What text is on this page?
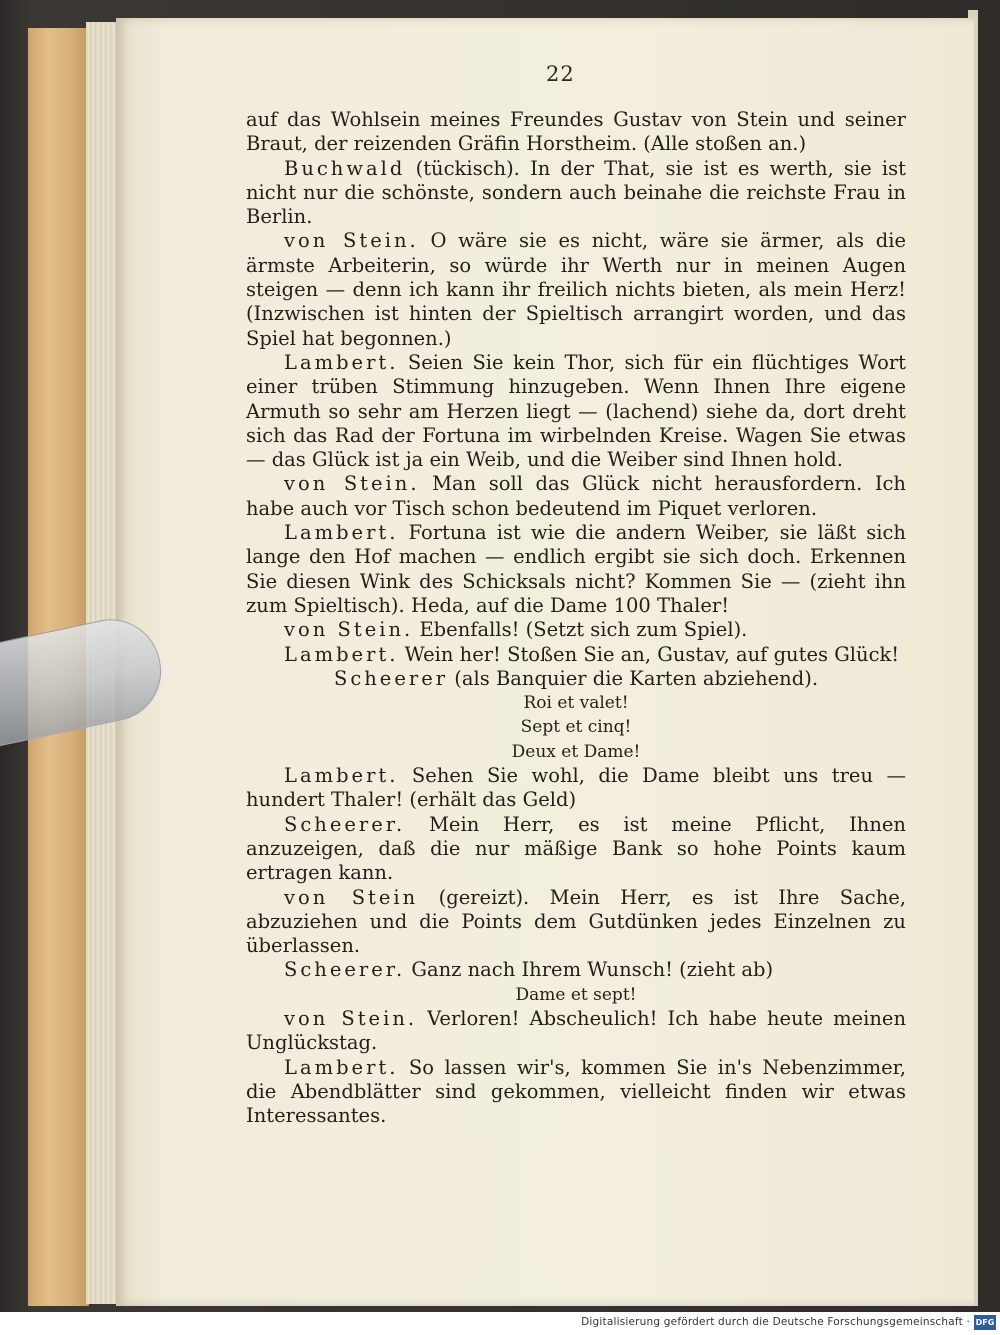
22

auf das Wohlsein meines Freundes Gustav von Stein und seiner Braut, der reizenden Gräfin Horstheim. (Alle stoßen an.)

Buchwald (tückisch). In der That, sie ist es werth, sie ist nicht nur die schönste, sondern auch beinahe die reichste Frau in Berlin.

von Stein. O wäre sie es nicht, wäre sie ärmer, als die ärmste Arbeiterin, so würde ihr Werth nur in meinen Augen steigen — denn ich kann ihr freilich nichts bieten, als mein Herz! (Inzwischen ist hinten der Spieltisch arrangirt worden, und das Spiel hat begonnen.)

Lambert. Seien Sie kein Thor, sich für ein flüchtiges Wort einer trüben Stimmung hinzugeben. Wenn Ihnen Ihre eigene Armuth so sehr am Herzen liegt — (lachend) siehe da, dort dreht sich das Rad der Fortuna im wirbelnden Kreise. Wagen Sie etwas — das Glück ist ja ein Weib, und die Weiber sind Ihnen hold.

von Stein. Man soll das Glück nicht herausfordern. Ich habe auch vor Tisch schon bedeutend im Piquet verloren.

Lambert. Fortuna ist wie die andern Weiber, sie läßt sich lange den Hof machen — endlich ergibt sie sich doch. Erkennen Sie diesen Wink des Schicksals nicht? Kommen Sie — (zieht ihn zum Spieltisch). Heda, auf die Dame 100 Thaler!

von Stein. Ebenfalls! (Setzt sich zum Spiel).

Lambert. Wein her! Stoßen Sie an, Gustav, auf gutes Glück!

Scheerer (als Banquier die Karten abziehend).

Roi et valet!

Sept et cinq!

Deux et Dame!

Lambert. Sehen Sie wohl, die Dame bleibt uns treu — hundert Thaler! (erhält das Geld)

Scheerer. Mein Herr, es ist meine Pflicht, Ihnen anzuzeigen, daß die nur mäßige Bank so hohe Points kaum ertragen kann.

von Stein (gereizt). Mein Herr, es ist Ihre Sache, abzuziehen und die Points dem Gutdünken jedes Einzelnen zu überlassen.

Scheerer. Ganz nach Ihrem Wunsch! (zieht ab)

Dame et sept!

von Stein. Verloren! Abscheulich! Ich habe heute meinen Unglückstag.

Lambert. So lassen wir's, kommen Sie in's Nebenzimmer, die Abendblätter sind gekommen, vielleicht finden wir etwas Interessantes.

Digitalisierung gefördert durch die Deutsche Forschungsgemeinschaft · DFG
